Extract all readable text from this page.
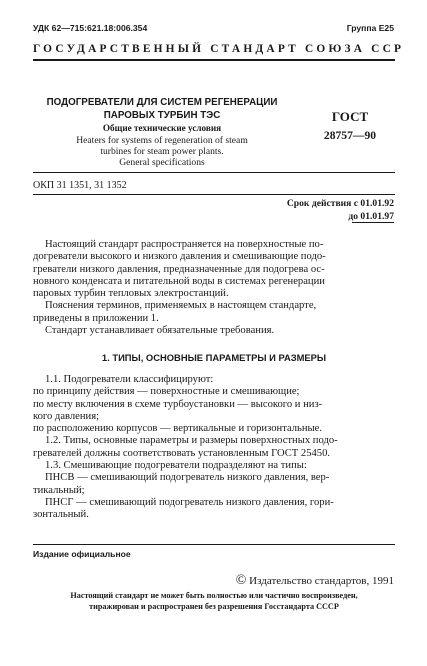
УДК 62—715:621.18:006.354	Группа Е25
ГОСУДАРСТВЕННЫЙ СТАНДАРТ СОЮЗА ССР
ПОДОГРЕВАТЕЛИ ДЛЯ СИСТЕМ РЕГЕНЕРАЦИИ
ПАРОВЫХ ТУРБИН ТЭС
Общие технические условия
Heaters for systems of regeneration of steam
turbines for steam power plants.
General specifications
ГОСТ
28757—90
ОКП 31 1351, 31 1352
Срок действия с 01.01.92
до 01.01.97
Настоящий стандарт распространяется на поверхностные по-
догреватели высокого и низкого давления и смешивающие подо-
греватели низкого давления, предназначенные для подогрева ос-
новного конденсата и питательной воды в системах регенерации
паровых турбин тепловых электростанций.
Пояснения терминов, применяемых в настоящем стандарте,
приведены в приложении 1.
Стандарт устанавливает обязательные требования.
1. ТИПЫ, ОСНОВНЫЕ ПАРАМЕТРЫ И РАЗМЕРЫ
1.1. Подогреватели классифицируют:
по принципу действия — поверхностные и смешивающие;
по месту включения в схеме турбоустановки — высокого и низ-
кого давления;
по расположению корпусов — вертикальные и горизонтальные.
1.2. Типы, основные параметры и размеры поверхностных подо-
гревателей должны соответствовать установленным ГОСТ 25450.
1.3. Смешивающие подогреватели подразделяют на типы:
ПНСВ — смешивающий подогреватель низкого давления, вер-
тикальный;
ПНСГ — смешивающий подогреватель низкого давления, гори-
зонтальный.
Издание официальное
© Издательство стандартов, 1991
Настоящий стандарт не может быть полностью или частично воспроизведен,
тиражирован и распространен без разрешения Госстандарта СССР
